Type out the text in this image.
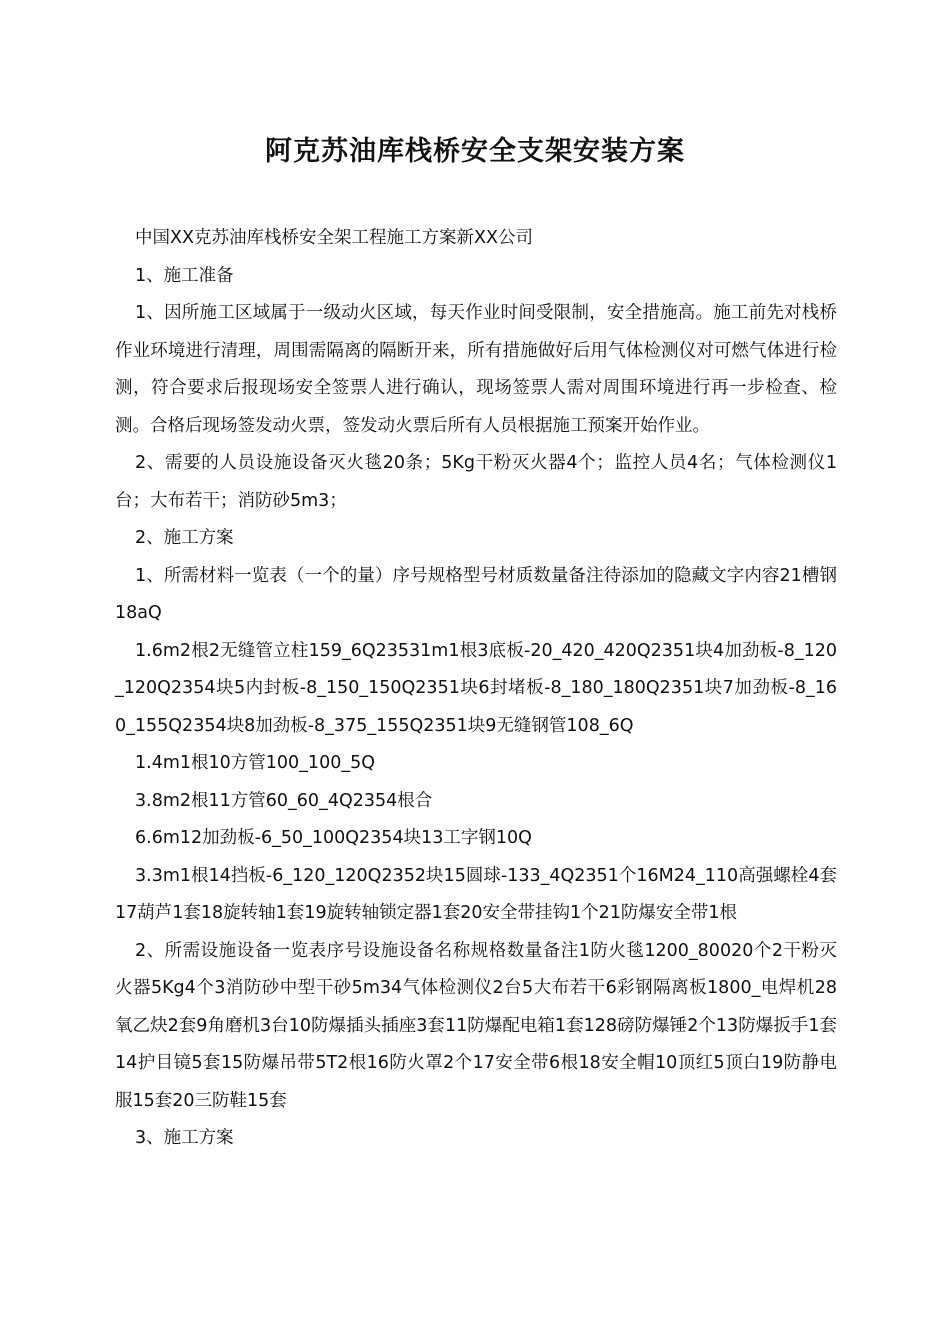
阿克苏油库栈桥安全支架安装方案

中国XX克苏油库栈桥安全架工程施工方案新XX公司

1、施工准备

1、因所施工区域属于一级动火区域，每天作业时间受限制，安全措施高。施工前先对栈桥作业环境进行清理，周围需隔离的隔断开来，所有措施做好后用气体检测仪对可燃气体进行检测，符合要求后报现场安全签票人进行确认，现场签票人需对周围环境进行再一步检查、检测。合格后现场签发动火票，签发动火票后所有人员根据施工预案开始作业。

2、需要的人员设施设备灭火毯20条；5Kg干粉灭火器4个；监控人员4名；气体检测仪1台；大布若干；消防砂5m3；

2、施工方案

1、所需材料一览表（一个的量）序号规格型号材质数量备注待添加的隐藏文字内容21槽钢18aQ

1.6m2根2无缝管立柱159_6Q23531m1根3底板-20_420_420Q2351块4加劲板-8_120_120Q2354块5内封板-8_150_150Q2351块6封堵板-8_180_180Q2351块7加劲板-8_160_155Q2354块8加劲板-8_375_155Q2351块9无缝钢管108_6Q

1.4m1根10方管100_100_5Q

3.8m2根11方管60_60_4Q2354根合

6.6m12加劲板-6_50_100Q2354块13工字钢10Q

3.3m1根14挡板-6_120_120Q2352块15圆球-133_4Q2351个16M24_110高强螺栓4套17葫芦1套18旋转轴1套19旋转轴锁定器1套20安全带挂钩1个21防爆安全带1根

2、所需设施设备一览表序号设施设备名称规格数量备注1防火毯1200_80020个2干粉灭火器5Kg4个3消防砂中型干砂5m34气体检测仪2台5大布若干6彩钢隔离板1800_电焊机28氧乙炔2套9角磨机3台10防爆插头插座3套11防爆配电箱1套128磅防爆锤2个13防爆扳手1套14护目镜5套15防爆吊带5T2根16防火罩2个17安全带6根18安全帽10顶红5顶白19防静电服15套20三防鞋15套

3、施工方案
